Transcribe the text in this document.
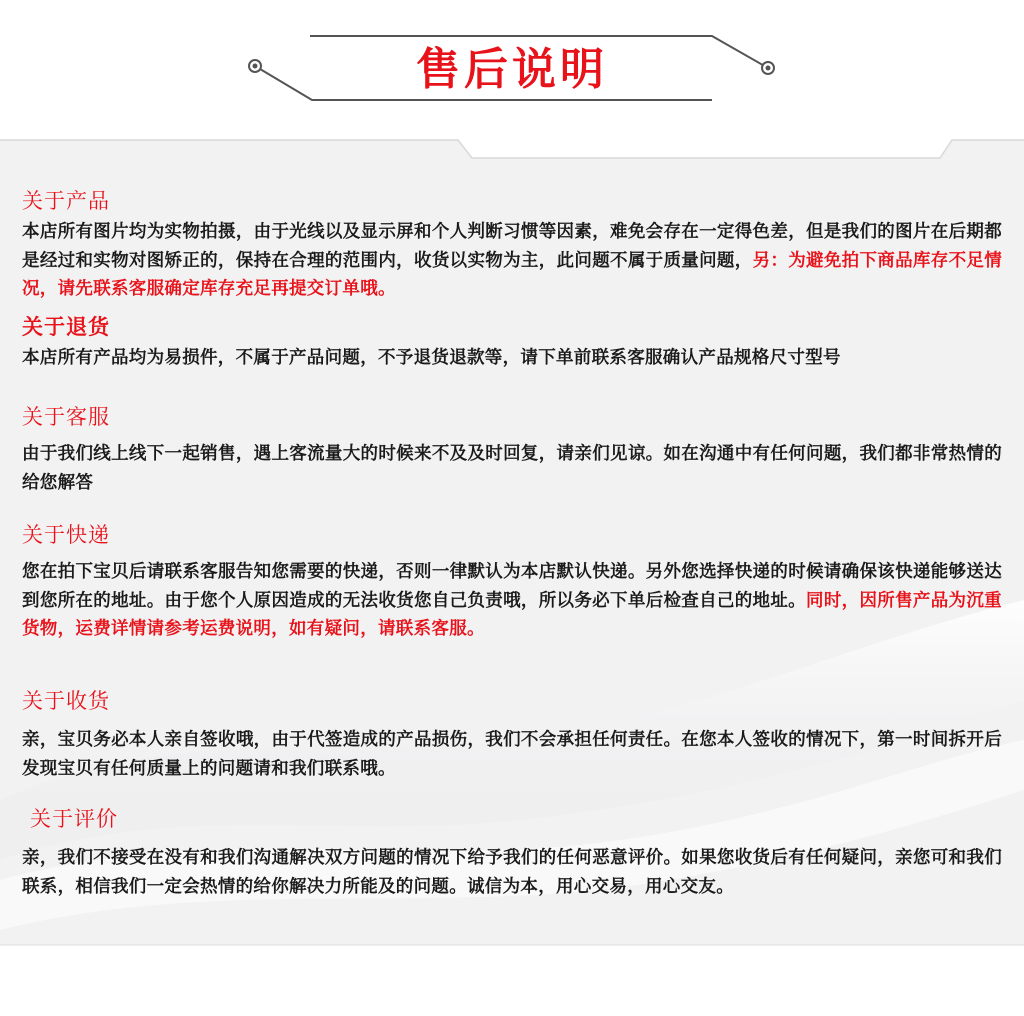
售后说明
关于产品
本店所有图片均为实物拍摄，由于光线以及显示屏和个人判断习惯等因素，难免会存在一定得色差，但是我们的图片在后期都是经过和实物对图矫正的，保持在合理的范围内，收货以实物为主，此问题不属于质量问题，另：为避免拍下商品库存不足情况，请先联系客服确定库存充足再提交订单哦。
关于退货
本店所有产品均为易损件，不属于产品问题，不予退货退款等，请下单前联系客服确认产品规格尺寸型号
关于客服
由于我们线上线下一起销售，遇上客流量大的时候来不及及时回复，请亲们见谅。如在沟通中有任何问题，我们都非常热情的给您解答
关于快递
您在拍下宝贝后请联系客服告知您需要的快递，否则一律默认为本店默认快递。另外您选择快递的时候请确保该快递能够送达到您所在的地址。由于您个人原因造成的无法收货您自己负责哦，所以务必下单后检查自己的地址。同时，因所售产品为沉重货物，运费详情请参考运费说明，如有疑问，请联系客服。
关于收货
亲，宝贝务必本人亲自签收哦，由于代签造成的产品损伤，我们不会承担任何责任。在您本人签收的情况下，第一时间拆开后发现宝贝有任何质量上的问题请和我们联系哦。
关于评价
亲，我们不接受在没有和我们沟通解决双方问题的情况下给予我们的任何恶意评价。如果您收货后有任何疑问，亲您可和我们联系，相信我们一定会热情的给你解决力所能及的问题。诚信为本，用心交易，用心交友。
